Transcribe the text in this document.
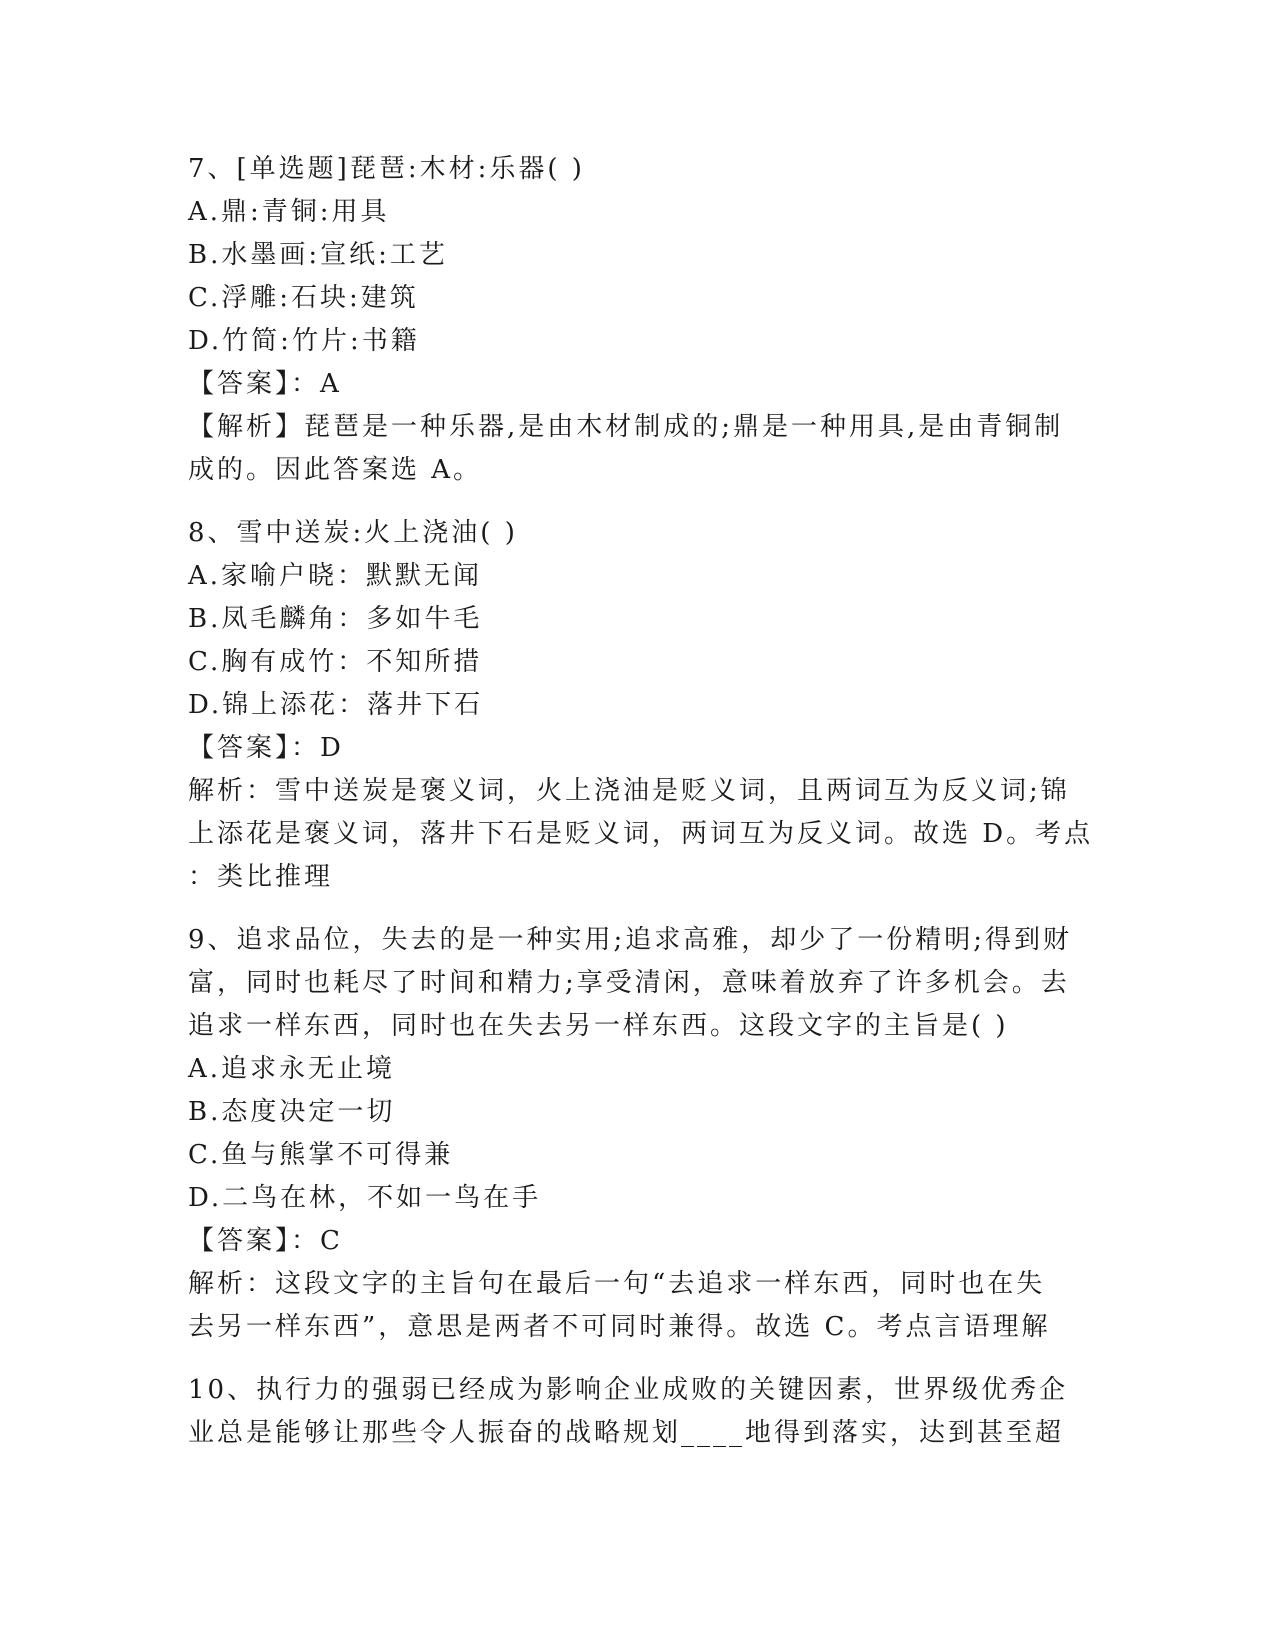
7、[单选题]琵琶:木材:乐器( )
A.鼎:青铜:用具
B.水墨画:宣纸:工艺
C.浮雕:石块:建筑
D.竹简:竹片:书籍
【答案】：A
【解析】琵琶是一种乐器,是由木材制成的;鼎是一种用具,是由青铜制
成的。因此答案选 A。
8、雪中送炭:火上浇油( )
A.家喻户晓：默默无闻
B.凤毛麟角：多如牛毛
C.胸有成竹：不知所措
D.锦上添花：落井下石
【答案】：D
解析：雪中送炭是褒义词，火上浇油是贬义词，且两词互为反义词;锦
上添花是褒义词，落井下石是贬义词，两词互为反义词。故选 D。考点
：类比推理
9、追求品位，失去的是一种实用;追求高雅，却少了一份精明;得到财
富，同时也耗尽了时间和精力;享受清闲，意味着放弃了许多机会。去
追求一样东西，同时也在失去另一样东西。这段文字的主旨是( )
A.追求永无止境
B.态度决定一切
C.鱼与熊掌不可得兼
D.二鸟在林，不如一鸟在手
【答案】：C
解析：这段文字的主旨句在最后一句“去追求一样东西，同时也在失
去另一样东西”，意思是两者不可同时兼得。故选 C。考点言语理解
10、执行力的强弱已经成为影响企业成败的关键因素，世界级优秀企
业总是能够让那些令人振奋的战略规划____地得到落实，达到甚至超
